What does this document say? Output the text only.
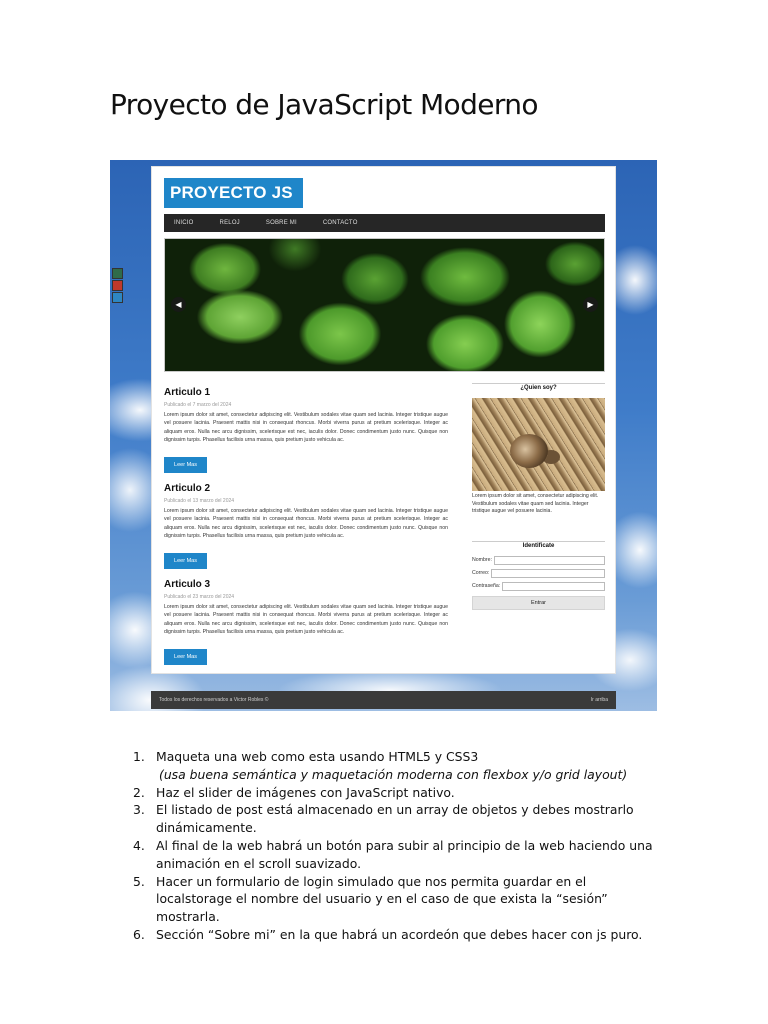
Proyecto de JavaScript Moderno
PROYECTO JS
INICIO	RELOJ	SOBRE MI	CONTACTO
◀	▶
Articulo 1
Publicado el 7 marzo del 2024

Lorem ipsum dolor sit amet, consectetur adipiscing elit. Vestibulum sodales vitae quam sed lacinia. Integer tristique augue vel posuere lacinia. Praesent mattis nisi in consequat rhoncus. Morbi viverra purus at pretium scelerisque. Integer ac aliquam eros. Nulla nec arcu dignissim, scelerisque est nec, iaculis dolor. Donec condimentum justo nunc. Quisque non dignissim turpis. Phasellus facilisis urna massa, quis pretium justo vehicula ac.

Leer Mas
Articulo 2
Publicado el 13 marzo del 2024

Lorem ipsum dolor sit amet, consectetur adipiscing elit. Vestibulum sodales vitae quam sed lacinia. Integer tristique augue vel posuere lacinia. Praesent mattis nisi in consequat rhoncus. Morbi viverra purus at pretium scelerisque. Integer ac aliquam eros. Nulla nec arcu dignissim, scelerisque est nec, iaculis dolor. Donec condimentum justo nunc. Quisque non dignissim turpis. Phasellus facilisis urna massa, quis pretium justo vehicula ac.

Leer Mas
Articulo 3
Publicado el 23 marzo del 2024

Lorem ipsum dolor sit amet, consectetur adipiscing elit. Vestibulum sodales vitae quam sed lacinia. Integer tristique augue vel posuere lacinia. Praesent mattis nisi in consequat rhoncus. Morbi viverra purus at pretium scelerisque. Integer ac aliquam eros. Nulla nec arcu dignissim, scelerisque est nec, iaculis dolor. Donec condimentum justo nunc. Quisque non dignissim turpis. Phasellus facilisis urna massa, quis pretium justo vehicula ac.

Leer Mas
¿Quien soy?

Lorem ipsum dolor sit amet, consectetur adipiscing elit. Vestibulum sodales vitae quam sed lacinia. Integer tristique augue vel posuere lacinia.

Identificate
Nombre:
Correo:
Contraseña:
Entrar
Todos los derechos reservados a Victor Robles ©	Ir arriba
1. Maqueta una web como esta usando HTML5 y CSS3
(usa buena semántica y maquetación moderna con flexbox y/o grid layout)
2. Haz el slider de imágenes con JavaScript nativo.
3. El listado de post está almacenado en un array de objetos y debes mostrarlo dinámicamente.
4. Al final de la web habrá un botón para subir al principio de la web haciendo una animación en el scroll suavizado.
5. Hacer un formulario de login simulado que nos permita guardar en el localstorage el nombre del usuario y en el caso de que exista la “sesión” mostrarla.
6. Sección “Sobre mi” en la que habrá un acordeón que debes hacer con js puro.
